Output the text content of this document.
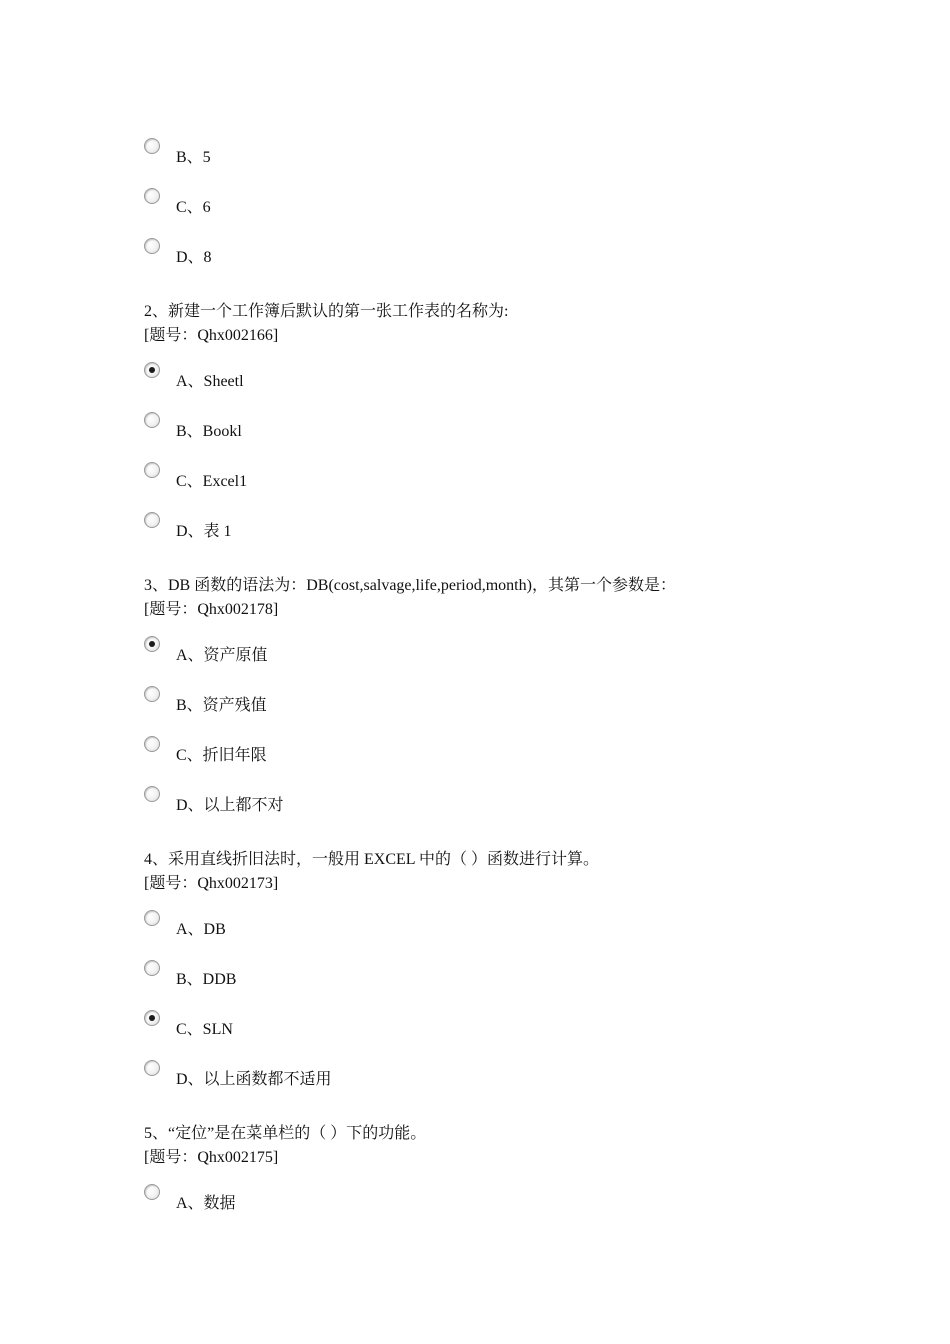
B、5
C、6
D、8
2、新建一个工作簿后默认的第一张工作表的名称为:
[题号：Qhx002166]
A、Sheetl
B、Bookl
C、Excel1
D、表 1
3、DB 函数的语法为：DB(cost,salvage,life,period,month)，其第一个参数是：
[题号：Qhx002178]
A、资产原值
B、资产残值
C、折旧年限
D、以上都不对
4、采用直线折旧法时，一般用 EXCEL 中的（ ）函数进行计算。
[题号：Qhx002173]
A、DB
B、DDB
C、SLN
D、以上函数都不适用
5、“定位”是在菜单栏的（ ）下的功能。
[题号：Qhx002175]
A、数据
